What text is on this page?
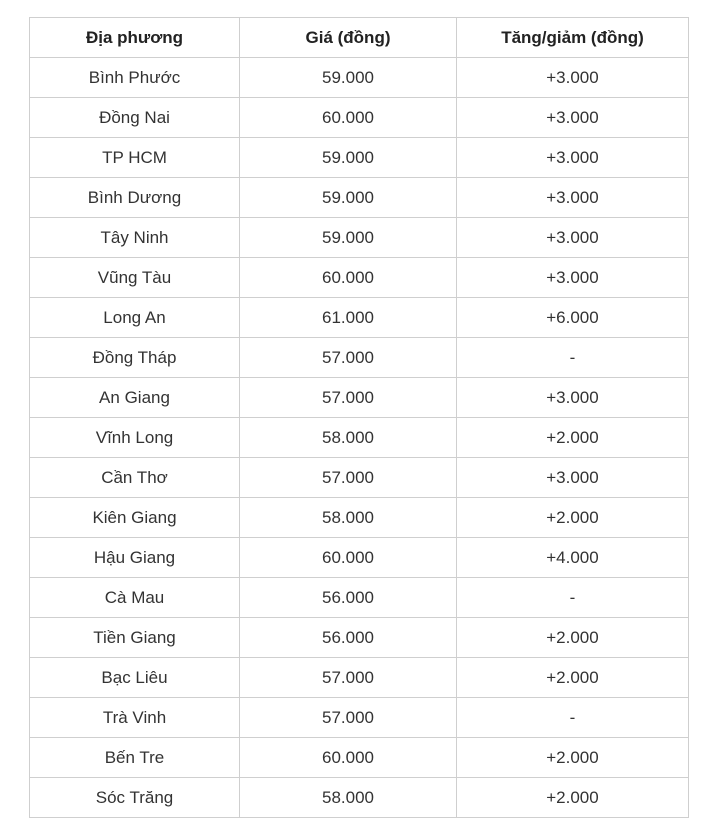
Địa phương	Giá (đồng)	Tăng/giảm (đồng)
Bình Phước	59.000	+3.000
Đồng Nai	60.000	+3.000
TP HCM	59.000	+3.000
Bình Dương	59.000	+3.000
Tây Ninh	59.000	+3.000
Vũng Tàu	60.000	+3.000
Long An	61.000	+6.000
Đồng Tháp	57.000	-
An Giang	57.000	+3.000
Vĩnh Long	58.000	+2.000
Cần Thơ	57.000	+3.000
Kiên Giang	58.000	+2.000
Hậu Giang	60.000	+4.000
Cà Mau	56.000	-
Tiền Giang	56.000	+2.000
Bạc Liêu	57.000	+2.000
Trà Vinh	57.000	-
Bến Tre	60.000	+2.000
Sóc Trăng	58.000	+2.000
